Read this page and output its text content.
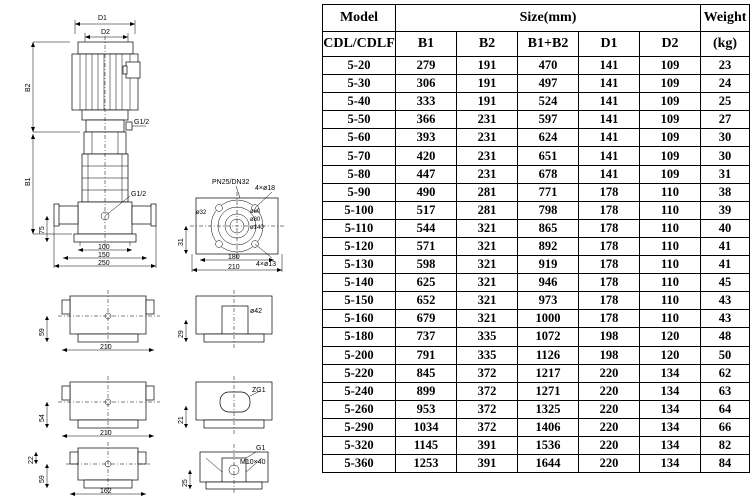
D1
D2
G1/2
G1/2
B2
B1
75
100
150
250
PN25/DN32
4×ø18
4×ø13
ø32	ø60
ø80
ø140
31
180
210
59
210
ø42
29
54
210
ZG1
21
22
59
162
G1
M10×40
25
Model	Size(mm)					Weight
CDL/CDLF	B1	B2	B1+B2	D1	D2	(kg)
5-20	279	191	470	141	109	23
5-30	306	191	497	141	109	24
5-40	333	191	524	141	109	25
5-50	366	231	597	141	109	27
5-60	393	231	624	141	109	30
5-70	420	231	651	141	109	30
5-80	447	231	678	141	109	31
5-90	490	281	771	178	110	38
5-100	517	281	798	178	110	39
5-110	544	321	865	178	110	40
5-120	571	321	892	178	110	41
5-130	598	321	919	178	110	41
5-140	625	321	946	178	110	45
5-150	652	321	973	178	110	43
5-160	679	321	1000	178	110	43
5-180	737	335	1072	198	120	48
5-200	791	335	1126	198	120	50
5-220	845	372	1217	220	134	62
5-240	899	372	1271	220	134	63
5-260	953	372	1325	220	134	64
5-290	1034	372	1406	220	134	66
5-320	1145	391	1536	220	134	82
5-360	1253	391	1644	220	134	84
